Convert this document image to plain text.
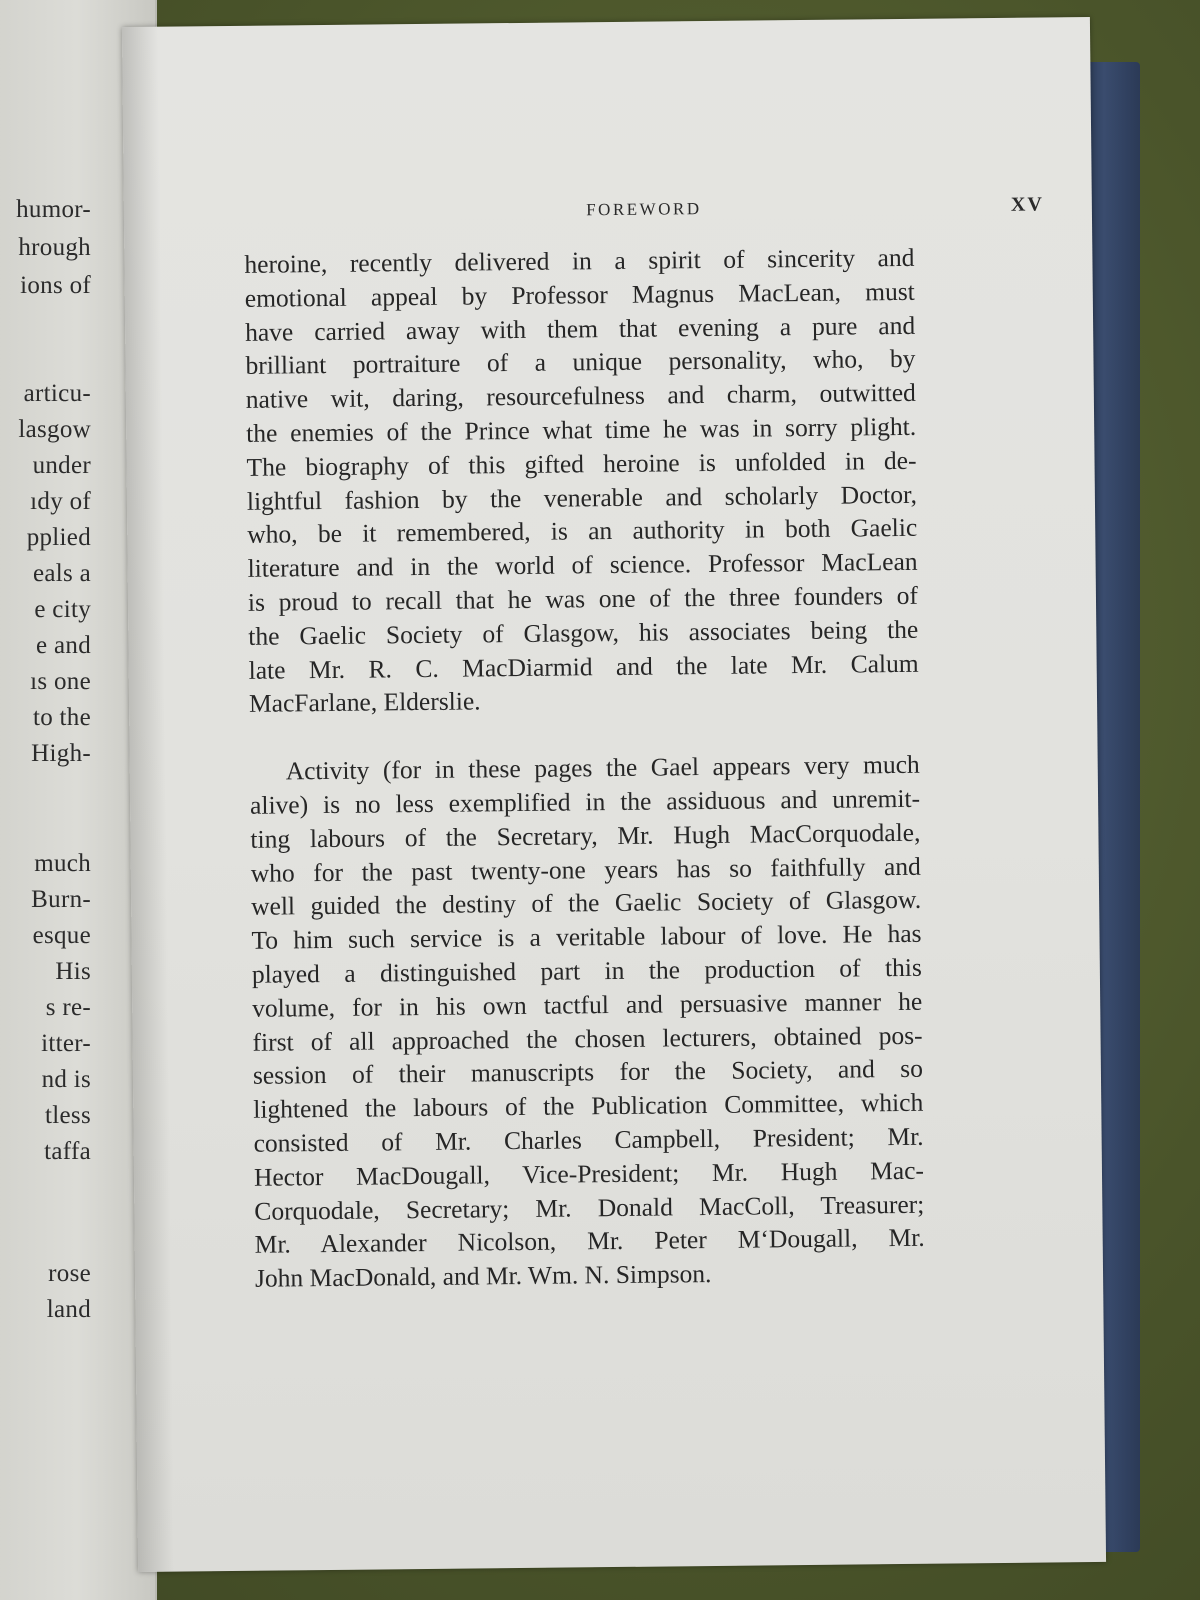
humor-
hrough
ions of
articu-
lasgow
under
ıdy of
pplied
eals a
e city
e and
ıs one
to the
High-
much
Burn-
esque
His
s re-
itter-
nd is
tless
taffa
rose
land
FOREWORD	XV
heroine, recently delivered in a spirit of sincerity and
emotional appeal by Professor Magnus MacLean, must
have carried away with them that evening a pure and
brilliant portraiture of a unique personality, who, by
native wit, daring, resourcefulness and charm, outwitted
the enemies of the Prince what time he was in sorry plight.
The biography of this gifted heroine is unfolded in de-
lightful fashion by the venerable and scholarly Doctor,
who, be it remembered, is an authority in both Gaelic
literature and in the world of science. Professor MacLean
is proud to recall that he was one of the three founders of
the Gaelic Society of Glasgow, his associates being the
late Mr. R. C. MacDiarmid and the late Mr. Calum
MacFarlane, Elderslie.
Activity (for in these pages the Gael appears very much
alive) is no less exemplified in the assiduous and unremit-
ting labours of the Secretary, Mr. Hugh MacCorquodale,
who for the past twenty-one years has so faithfully and
well guided the destiny of the Gaelic Society of Glasgow.
To him such service is a veritable labour of love. He has
played a distinguished part in the production of this
volume, for in his own tactful and persuasive manner he
first of all approached the chosen lecturers, obtained pos-
session of their manuscripts for the Society, and so
lightened the labours of the Publication Committee, which
consisted of Mr. Charles Campbell, President; Mr.
Hector MacDougall, Vice-President; Mr. Hugh Mac-
Corquodale, Secretary; Mr. Donald MacColl, Treasurer;
Mr. Alexander Nicolson, Mr. Peter M‘Dougall, Mr.
John MacDonald, and Mr. Wm. N. Simpson.
